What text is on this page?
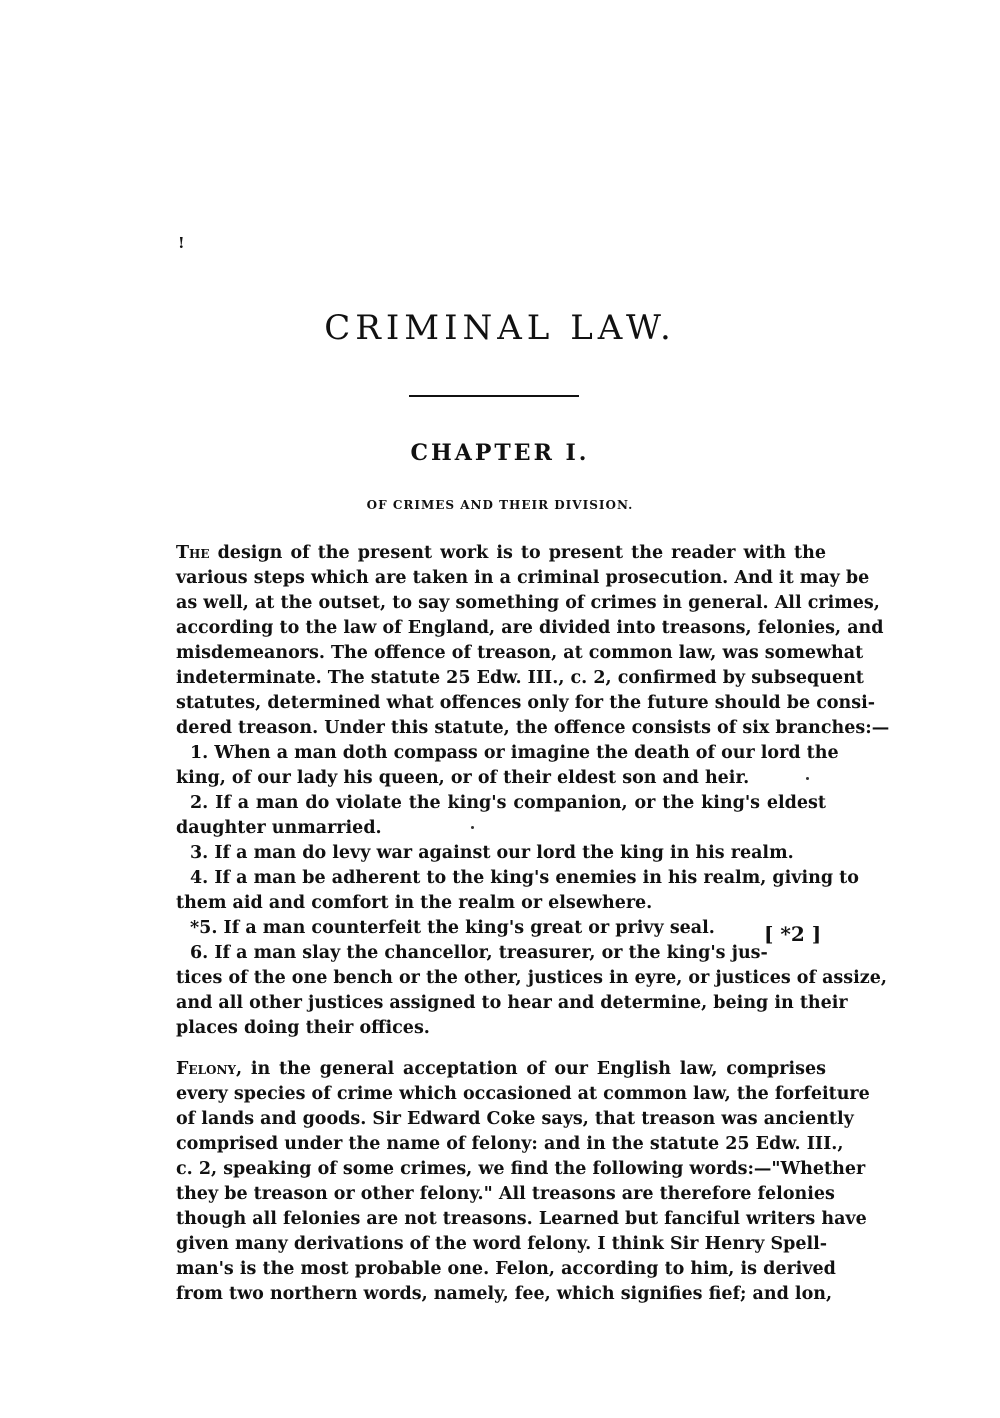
!
CRIMINAL LAW.
CHAPTER I.
OF CRIMES AND THEIR DIVISION.
The design of the present work is to present the reader with the
various steps which are taken in a criminal prosecution. And it may be
as well, at the outset, to say something of crimes in general. All crimes,
according to the law of England, are divided into treasons, felonies, and
misdemeanors. The offence of treason, at common law, was somewhat
indeterminate. The statute 25 Edw. III., c. 2, confirmed by subsequent
statutes, determined what offences only for the future should be consi-
dered treason. Under this statute, the offence consists of six branches:—
1. When a man doth compass or imagine the death of our lord the
king, of our lady his queen, or of their eldest son and heir.
2. If a man do violate the king's companion, or the king's eldest
daughter unmarried.
3. If a man do levy war against our lord the king in his realm.
4. If a man be adherent to the king's enemies in his realm, giving to
them aid and comfort in the realm or elsewhere.
*5. If a man counterfeit the king's great or privy seal.
6. If a man slay the chancellor, treasurer, or the king's jus-
tices of the one bench or the other, justices in eyre, or justices of assize,
and all other justices assigned to hear and determine, being in their
places doing their offices.
[ *2 ]
Felony, in the general acceptation of our English law, comprises
every species of crime which occasioned at common law, the forfeiture
of lands and goods. Sir Edward Coke says, that treason was anciently
comprised under the name of felony: and in the statute 25 Edw. III.,
c. 2, speaking of some crimes, we find the following words:—"Whether
they be treason or other felony." All treasons are therefore felonies
though all felonies are not treasons. Learned but fanciful writers have
given many derivations of the word felony. I think Sir Henry Spell-
man's is the most probable one. Felon, according to him, is derived
from two northern words, namely, fee, which signifies fief; and lon,
